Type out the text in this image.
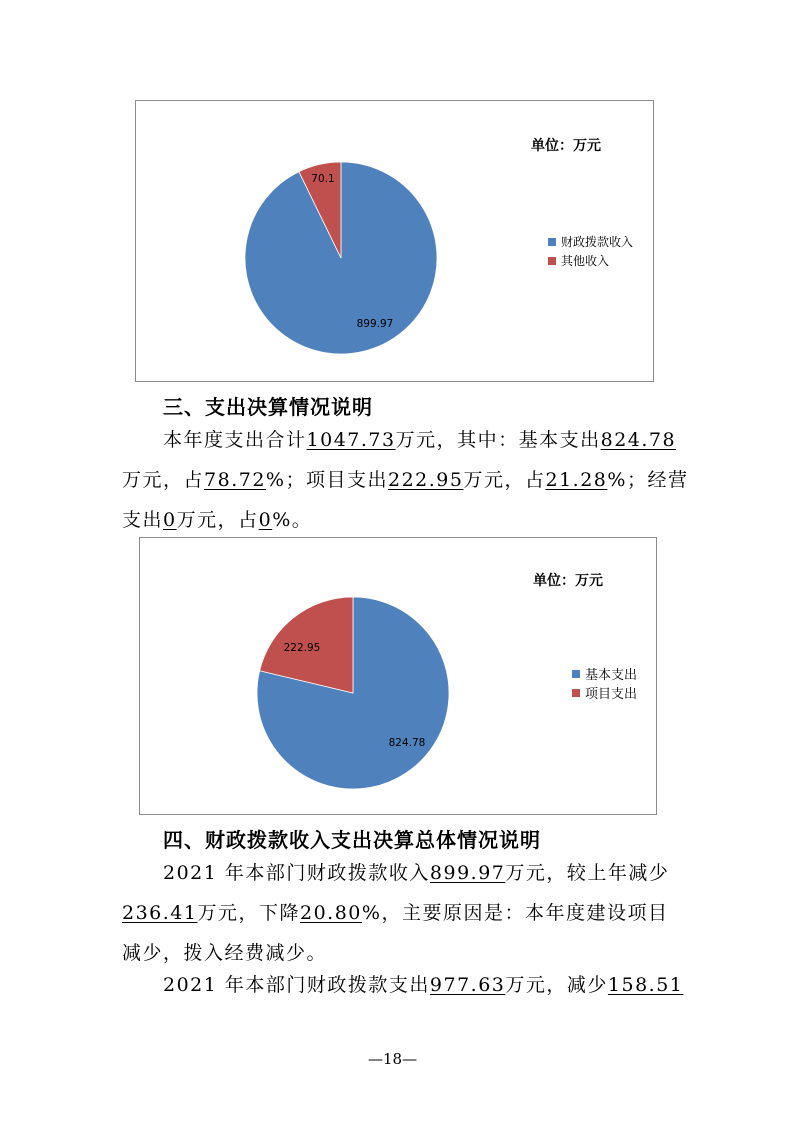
899.97
70.1
单位：万元
财政拨款收入
其他收入
三、支出决算情况说明
本年度支出合计1047.73万元，其中：基本支出824.78
万元，占78.72%；项目支出222.95万元，占21.28%；经营
支出0万元，占0%。
824.78
222.95
单位：万元
基本支出
项目支出
四、财政拨款收入支出决算总体情况说明
2021 年本部门财政拨款收入899.97万元，较上年减少
236.41万元，下降20.80%，主要原因是：本年度建设项目
减少，拨入经费减少。
2021 年本部门财政拨款支出977.63万元，减少158.51
—18—
